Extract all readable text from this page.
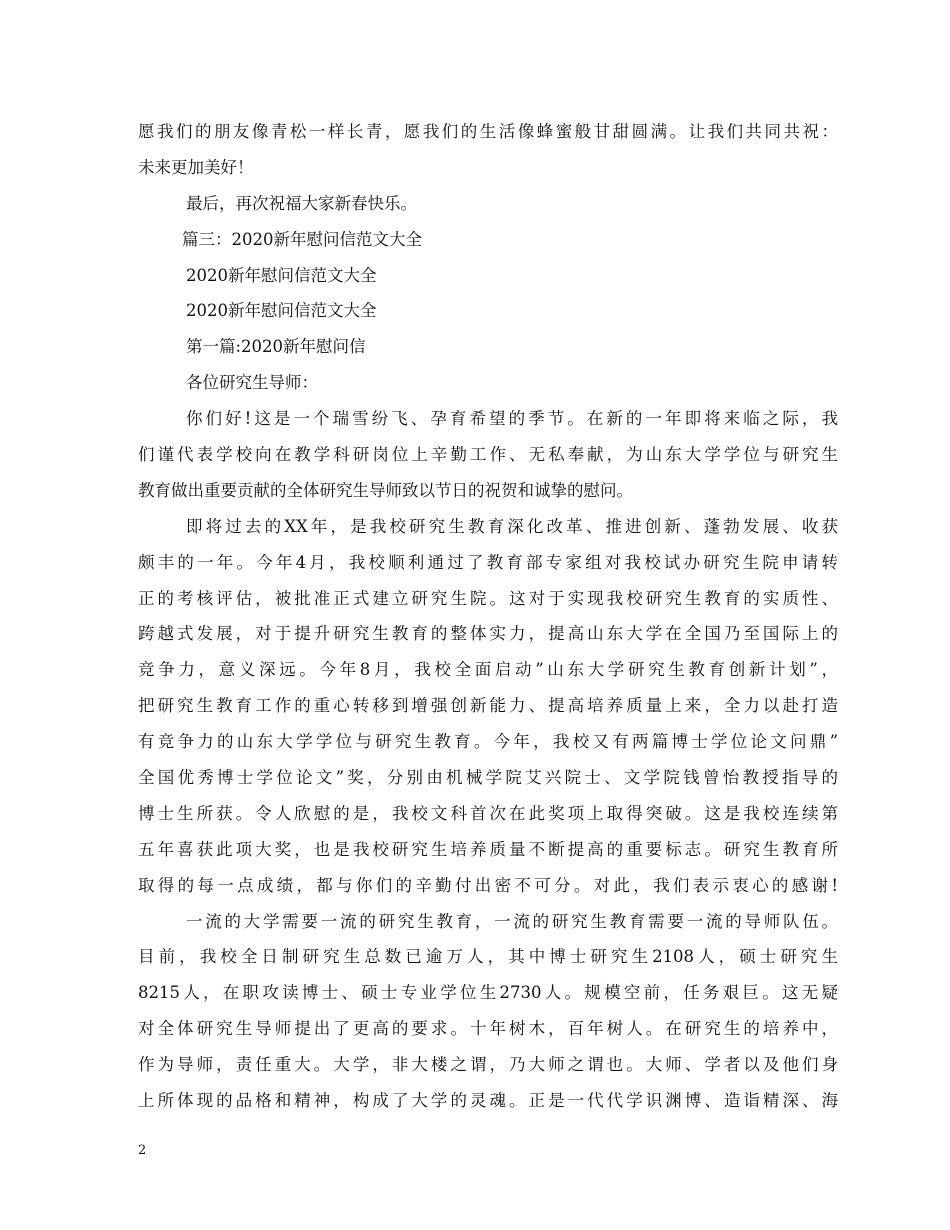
愿我们的朋友像青松一样长青，愿我们的生活像蜂蜜般甘甜圆满。让我们共同共祝：
未来更加美好！
最后，再次祝福大家新春快乐。
篇三：2020新年慰问信范文大全
2020新年慰问信范文大全
2020新年慰问信范文大全
第一篇:2020新年慰问信
各位研究生导师：
你们好!这是一个瑞雪纷飞、孕育希望的季节。在新的一年即将来临之际，我
们谨代表学校向在教学科研岗位上辛勤工作、无私奉献，为山东大学学位与研究生
教育做出重要贡献的全体研究生导师致以节日的祝贺和诚挚的慰问。
即将过去的XX年，是我校研究生教育深化改革、推进创新、蓬勃发展、收获
颇丰的一年。今年4月，我校顺利通过了教育部专家组对我校试办研究生院申请转
正的考核评估，被批准正式建立研究生院。这对于实现我校研究生教育的实质性、
跨越式发展，对于提升研究生教育的整体实力，提高山东大学在全国乃至国际上的
竞争力，意义深远。今年8月，我校全面启动”山东大学研究生教育创新计划”，
把研究生教育工作的重心转移到增强创新能力、提高培养质量上来，全力以赴打造
有竞争力的山东大学学位与研究生教育。今年，我校又有两篇博士学位论文问鼎”
全国优秀博士学位论文”奖，分别由机械学院艾兴院士、文学院钱曾怡教授指导的
博士生所获。令人欣慰的是，我校文科首次在此奖项上取得突破。这是我校连续第
五年喜获此项大奖，也是我校研究生培养质量不断提高的重要标志。研究生教育所
取得的每一点成绩，都与你们的辛勤付出密不可分。对此，我们表示衷心的感谢!
一流的大学需要一流的研究生教育，一流的研究生教育需要一流的导师队伍。
目前，我校全日制研究生总数已逾万人，其中博士研究生2108人，硕士研究生
8215人，在职攻读博士、硕士专业学位生2730人。规模空前，任务艰巨。这无疑
对全体研究生导师提出了更高的要求。十年树木，百年树人。在研究生的培养中，
作为导师，责任重大。大学，非大楼之谓，乃大师之谓也。大师、学者以及他们身
上所体现的品格和精神，构成了大学的灵魂。正是一代代学识渊博、造诣精深、海
2
